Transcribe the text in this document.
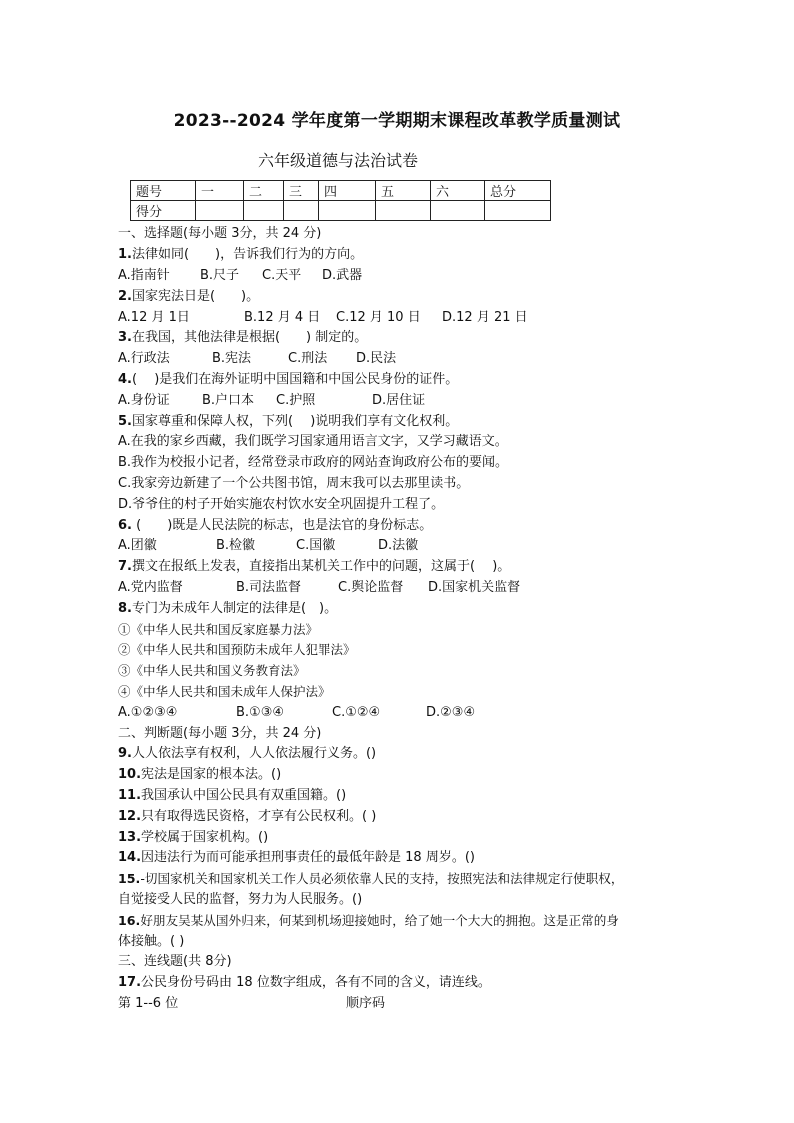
2023--2024 学年度第一学期期末课程改革教学质量测试
六年级道德与法治试卷
题号	一	二	三	四	五	六	总分
得分							
一、选择题(每小题 3分，共 24 分)
1.法律如同(　　)，告诉我们行为的方向。
A.指南针 B.尺子 C.天平 D.武器
2.国家宪法日是(　　)。
A.12 月 1日	B.12 月 4 日 C.12 月 10 日 D.12 月 21 日
3.在我国，其他法律是根据(　　) 制定的。
A.行政法	B.宪法	C.刑法 D.民法
4.(　 )是我们在海外证明中国国籍和中国公民身份的证件。
A.身份证 B.户口本 C.护照	D.居住证
5.国家尊重和保障人权，下列(　 )说明我们享有文化权利。
A.在我的家乡西藏，我们既学习国家通用语言文字，又学习藏语文。
B.我作为校报小记者，经常登录市政府的网站查询政府公布的要闻。
C.我家旁边新建了一个公共图书馆，周末我可以去那里读书。
D.爷爷住的村子开始实施农村饮水安全巩固提升工程了。
6. (　　)既是人民法院的标志，也是法官的身份标志。
A.团徽	B.检徽	C.国徽	D.法徽
7.撰文在报纸上发表，直接指出某机关工作中的问题，这属于(　 )。
A.党内监督	B.司法监督	C.舆论监督 D.国家机关监督
8.专门为未成年人制定的法律是(　)。
①《中华人民共和国反家庭暴力法》
②《中华人民共和国预防未成年人犯罪法》
③《中华人民共和国义务教育法》
④《中华人民共和国未成年人保护法》
A.①②③④	B.①③④	C.①②④	D.②③④
二、判断题(每小题 3分，共 24 分)
9.人人依法享有权利，人人依法履行义务。()
10.宪法是国家的根本法。()
11.我国承认中国公民具有双重国籍。()
12.只有取得选民资格，才享有公民权利。( )
13.学校属于国家机构。()
14.因违法行为而可能承担刑事责任的最低年龄是 18 周岁。()
15.-切国家机关和国家机关工作人员必须依靠人民的支持，按照宪法和法律规定行使职权，
自觉接受人民的监督，努力为人民服务。()
16.好朋友吴某从国外归来，何某到机场迎接她时，给了她一个大大的拥抱。这是正常的身
体接触。( )
三、连线题(共 8分)
17.公民身份号码由 18 位数字组成，各有不同的含义，请连线。
第 1--6 位	顺序码
